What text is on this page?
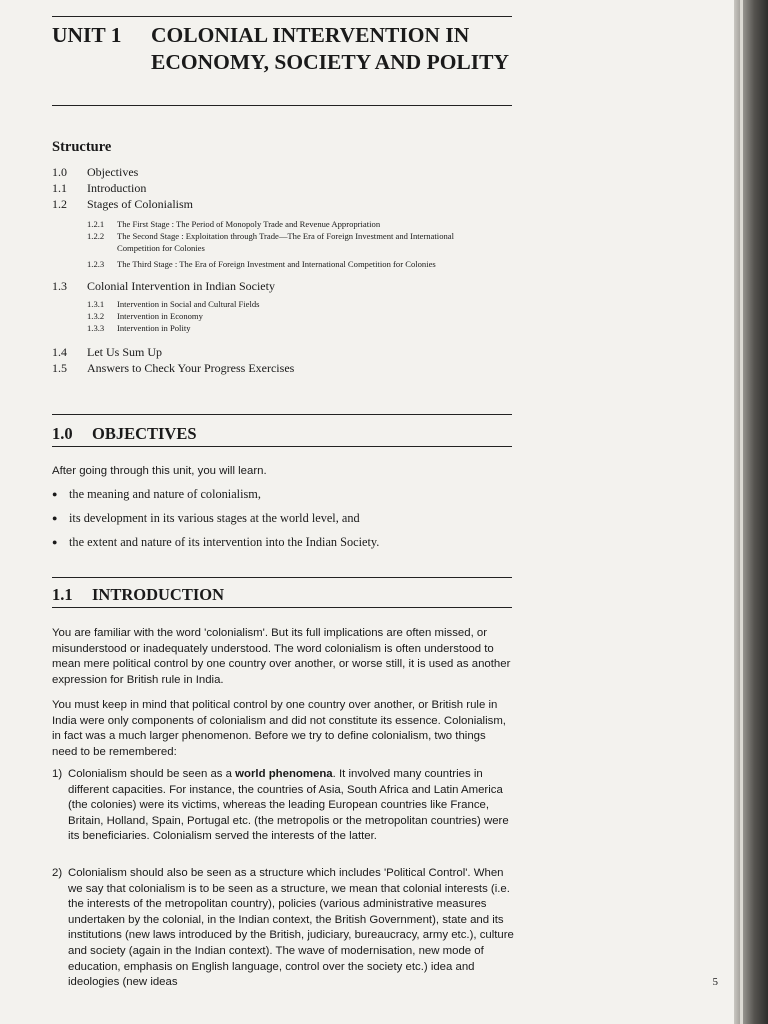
UNIT 1 COLONIAL INTERVENTION IN ECONOMY, SOCIETY AND POLITY
Structure
1.0	Objectives
1.1	Introduction
1.2	Stages of Colonialism
1.2.1	The First Stage : The Period of Monopoly Trade and Revenue Appropriation
1.2.2	The Second Stage : Exploitation through Trade—The Era of Foreign Investment and International Competition for Colonies
1.2.3	The Third Stage : The Era of Foreign Investment and International Competition for Colonies
1.3	Colonial Intervention in Indian Society
1.3.1	Intervention in Social and Cultural Fields
1.3.2	Intervention in Economy
1.3.3	Intervention in Polity
1.4	Let Us Sum Up
1.5	Answers to Check Your Progress Exercises
1.0 OBJECTIVES
After going through this unit, you will learn.
● the meaning and nature of colonialism,
● its development in its various stages at the world level, and
● the extent and nature of its intervention into the Indian Society.
1.1 INTRODUCTION
You are familiar with the word 'colonialism'. But its full implications are often missed, or misunderstood or inadequately understood. The word colonialism is often understood to mean mere political control by one country over another, or worse still, it is used as another expression for British rule in India.
You must keep in mind that political control by one country over another, or British rule in India were only components of colonialism and did not constitute its essence. Colonialism, in fact was a much larger phenomenon. Before we try to define colonialism, two things need to be remembered:
1) Colonialism should be seen as a world phenomena. It involved many countries in different capacities. For instance, the countries of Asia, South Africa and Latin America (the colonies) were its victims, whereas the leading European countries like France, Britain, Holland, Spain, Portugal etc. (the metropolis or the metropolitan countries) were its beneficiaries. Colonialism served the interests of the latter.
2) Colonialism should also be seen as a structure which includes 'Political Control'. When we say that colonialism is to be seen as a structure, we mean that colonial interests (i.e. the interests of the metropolitan country), policies (various administrative measures undertaken by the colonial, in the Indian context, the British Government), state and its institutions (new laws introduced by the British, judiciary, bureaucracy, army etc.), culture and society (again in the Indian context). The wave of modernisation, new mode of education, emphasis on English language, control over the society etc.) idea and ideologies (new ideas	5
